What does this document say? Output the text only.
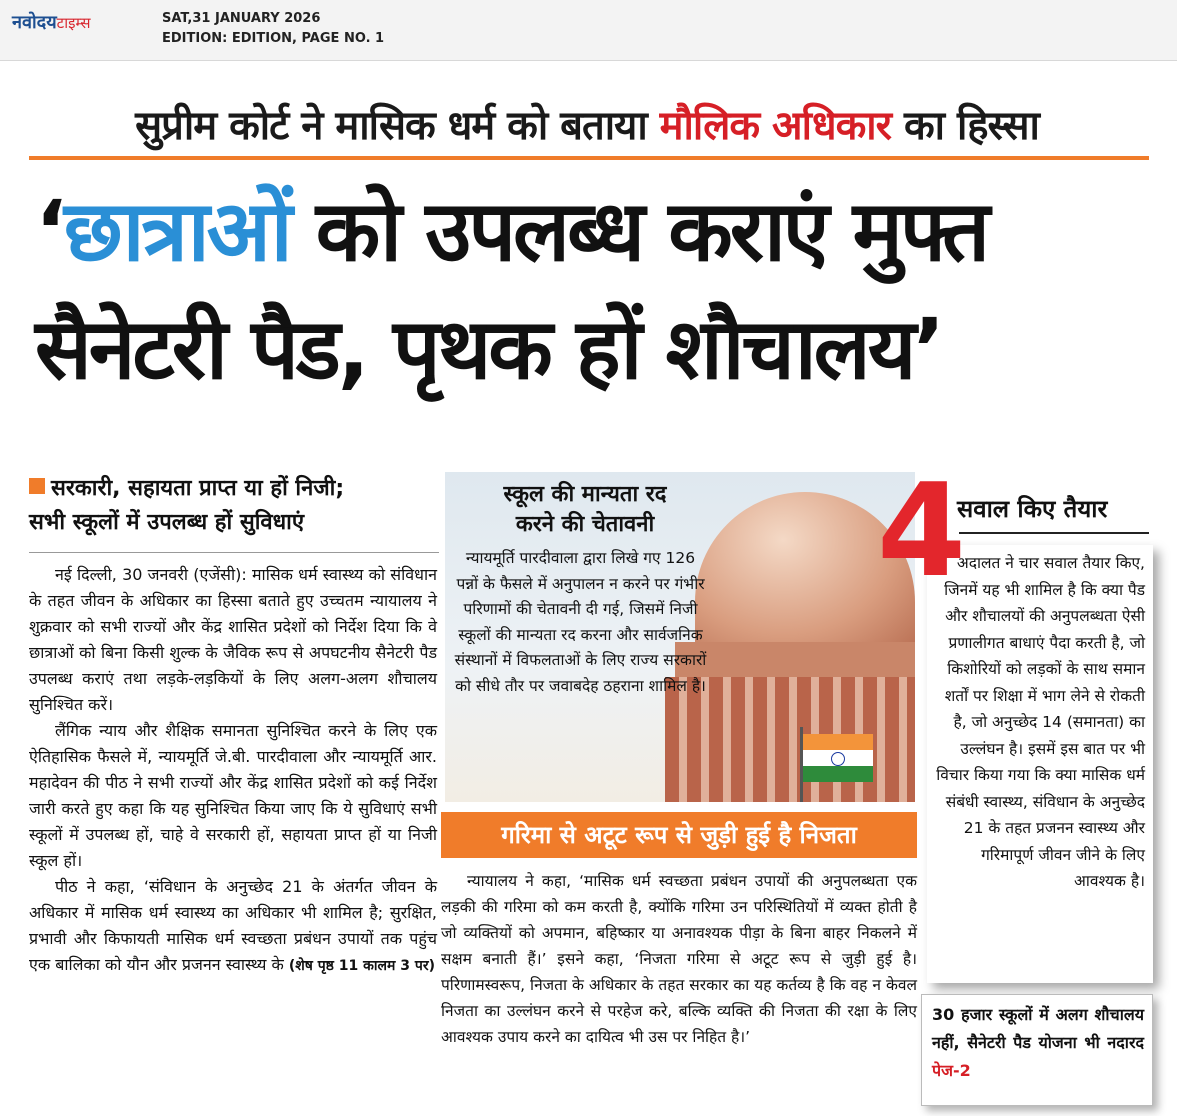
नवोदयटाइम्स	SAT,31 JANUARY 2026
EDITION: EDITION, PAGE NO. 1
सुप्रीम कोर्ट ने मासिक धर्म को बताया मौलिक अधिकार का हिस्सा
‘छात्राओं को उपलब्ध कराएं मुफ्त
सैनेटरी पैड, पृथक हों शौचालय’
सरकारी, सहायता प्राप्त या हों निजी;
सभी स्कूलों में उपलब्ध हों सुविधाएं

नई दिल्ली, 30 जनवरी (एजेंसी): मासिक धर्म स्वास्थ्य को संविधान के तहत जीवन के अधिकार का हिस्सा बताते हुए उच्चतम न्यायालय ने शुक्रवार को सभी राज्यों और केंद्र शासित प्रदेशों को निर्देश दिया कि वे छात्राओं को बिना किसी शुल्क के जैविक रूप से अपघटनीय सैनेटरी पैड उपलब्ध कराएं तथा लड़के-लड़कियों के लिए अलग-अलग शौचालय सुनिश्चित करें।

लैंगिक न्याय और शैक्षिक समानता सुनिश्चित करने के लिए एक ऐतिहासिक फैसले में, न्यायमूर्ति जे.बी. पारदीवाला और न्यायमूर्ति आर. महादेवन की पीठ ने सभी राज्यों और केंद्र शासित प्रदेशों को कई निर्देश जारी करते हुए कहा कि यह सुनिश्चित किया जाए कि ये सुविधाएं सभी स्कूलों में उपलब्ध हों, चाहे वे सरकारी हों, सहायता प्राप्त हों या निजी स्कूल हों।

पीठ ने कहा, ‘संविधान के अनुच्छेद 21 के अंतर्गत जीवन के अधिकार में मासिक धर्म स्वास्थ्य का अधिकार भी शामिल है; सुरक्षित, प्रभावी और किफायती मासिक धर्म स्वच्छता प्रबंधन उपायों तक पहुंच एक बालिका को यौन और प्रजनन स्वास्थ्य के (शेष पृष्ठ 11 कालम 3 पर)

स्कूल की मान्यता रद
करने की चेतावनी
न्यायमूर्ति पारदीवाला द्वारा लिखे गए 126 पन्नों के फैसले में अनुपालन न करने पर गंभीर परिणामों की चेतावनी दी गई, जिसमें निजी स्कूलों की मान्यता रद करना और सार्वजनिक संस्थानों में विफलताओं के लिए राज्य सरकारों को सीधे तौर पर जवाबदेह ठहराना शामिल है।
गरिमा से अटूट रूप से जुड़ी हुई है निजता

न्यायालय ने कहा, ‘मासिक धर्म स्वच्छता प्रबंधन उपायों की अनुपलब्धता एक लड़की की गरिमा को कम करती है, क्योंकि गरिमा उन परिस्थितियों में व्यक्त होती है जो व्यक्तियों को अपमान, बहिष्कार या अनावश्यक पीड़ा के बिना बाहर निकलने में सक्षम बनाती हैं।’ इसने कहा, ‘निजता गरिमा से अटूट रूप से जुड़ी हुई है। परिणामस्वरूप, निजता के अधिकार के तहत सरकार का यह कर्तव्य है कि वह न केवल निजता का उल्लंघन करने से परहेज करे, बल्कि व्यक्ति की निजता की रक्षा के लिए आवश्यक उपाय करने का दायित्व भी उस पर निहित है।’

4
सवाल किए तैयार
अदालत ने चार सवाल तैयार किए, जिनमें यह भी शामिल है कि क्या पैड और शौचालयों की अनुपलब्धता ऐसी प्रणालीगत बाधाएं पैदा करती है, जो किशोरियों को लड़कों के साथ समान शर्तों पर शिक्षा में भाग लेने से रोकती है, जो अनुच्छेद 14 (समानता) का उल्लंघन है। इसमें इस बात पर भी विचार किया गया कि क्या मासिक धर्म संबंधी स्वास्थ्य, संविधान के अनुच्छेद 21 के तहत प्रजनन स्वास्थ्य और गरिमापूर्ण जीवन जीने के लिए आवश्यक है।
30 हजार स्कूलों में अलग शौचालय नहीं, सैनेटरी पैड योजना भी नदारद पेज-2
